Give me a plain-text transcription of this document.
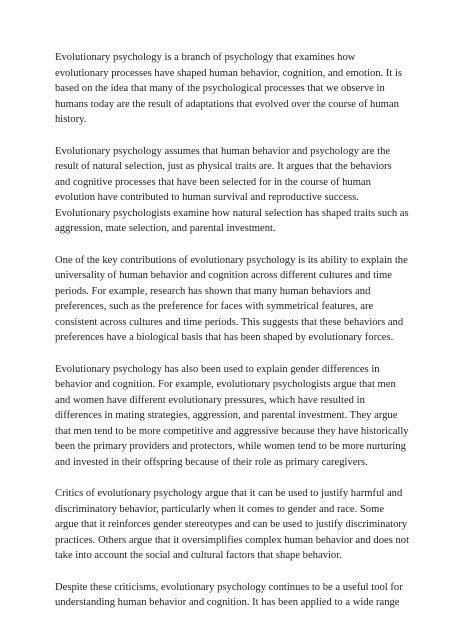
Evolutionary psychology is a branch of psychology that examines how
evolutionary processes have shaped human behavior, cognition, and emotion. It is
based on the idea that many of the psychological processes that we observe in
humans today are the result of adaptations that evolved over the course of human
history.

Evolutionary psychology assumes that human behavior and psychology are the
result of natural selection, just as physical traits are. It argues that the behaviors
and cognitive processes that have been selected for in the course of human
evolution have contributed to human survival and reproductive success.
Evolutionary psychologists examine how natural selection has shaped traits such as
aggression, mate selection, and parental investment.

One of the key contributions of evolutionary psychology is its ability to explain the
universality of human behavior and cognition across different cultures and time
periods. For example, research has shown that many human behaviors and
preferences, such as the preference for faces with symmetrical features, are
consistent across cultures and time periods. This suggests that these behaviors and
preferences have a biological basis that has been shaped by evolutionary forces.

Evolutionary psychology has also been used to explain gender differences in
behavior and cognition. For example, evolutionary psychologists argue that men
and women have different evolutionary pressures, which have resulted in
differences in mating strategies, aggression, and parental investment. They argue
that men tend to be more competitive and aggressive because they have historically
been the primary providers and protectors, while women tend to be more nurturing
and invested in their offspring because of their role as primary caregivers.

Critics of evolutionary psychology argue that it can be used to justify harmful and
discriminatory behavior, particularly when it comes to gender and race. Some
argue that it reinforces gender stereotypes and can be used to justify discriminatory
practices. Others argue that it oversimplifies complex human behavior and does not
take into account the social and cultural factors that shape behavior.

Despite these criticisms, evolutionary psychology continues to be a useful tool for
understanding human behavior and cognition. It has been applied to a wide range
